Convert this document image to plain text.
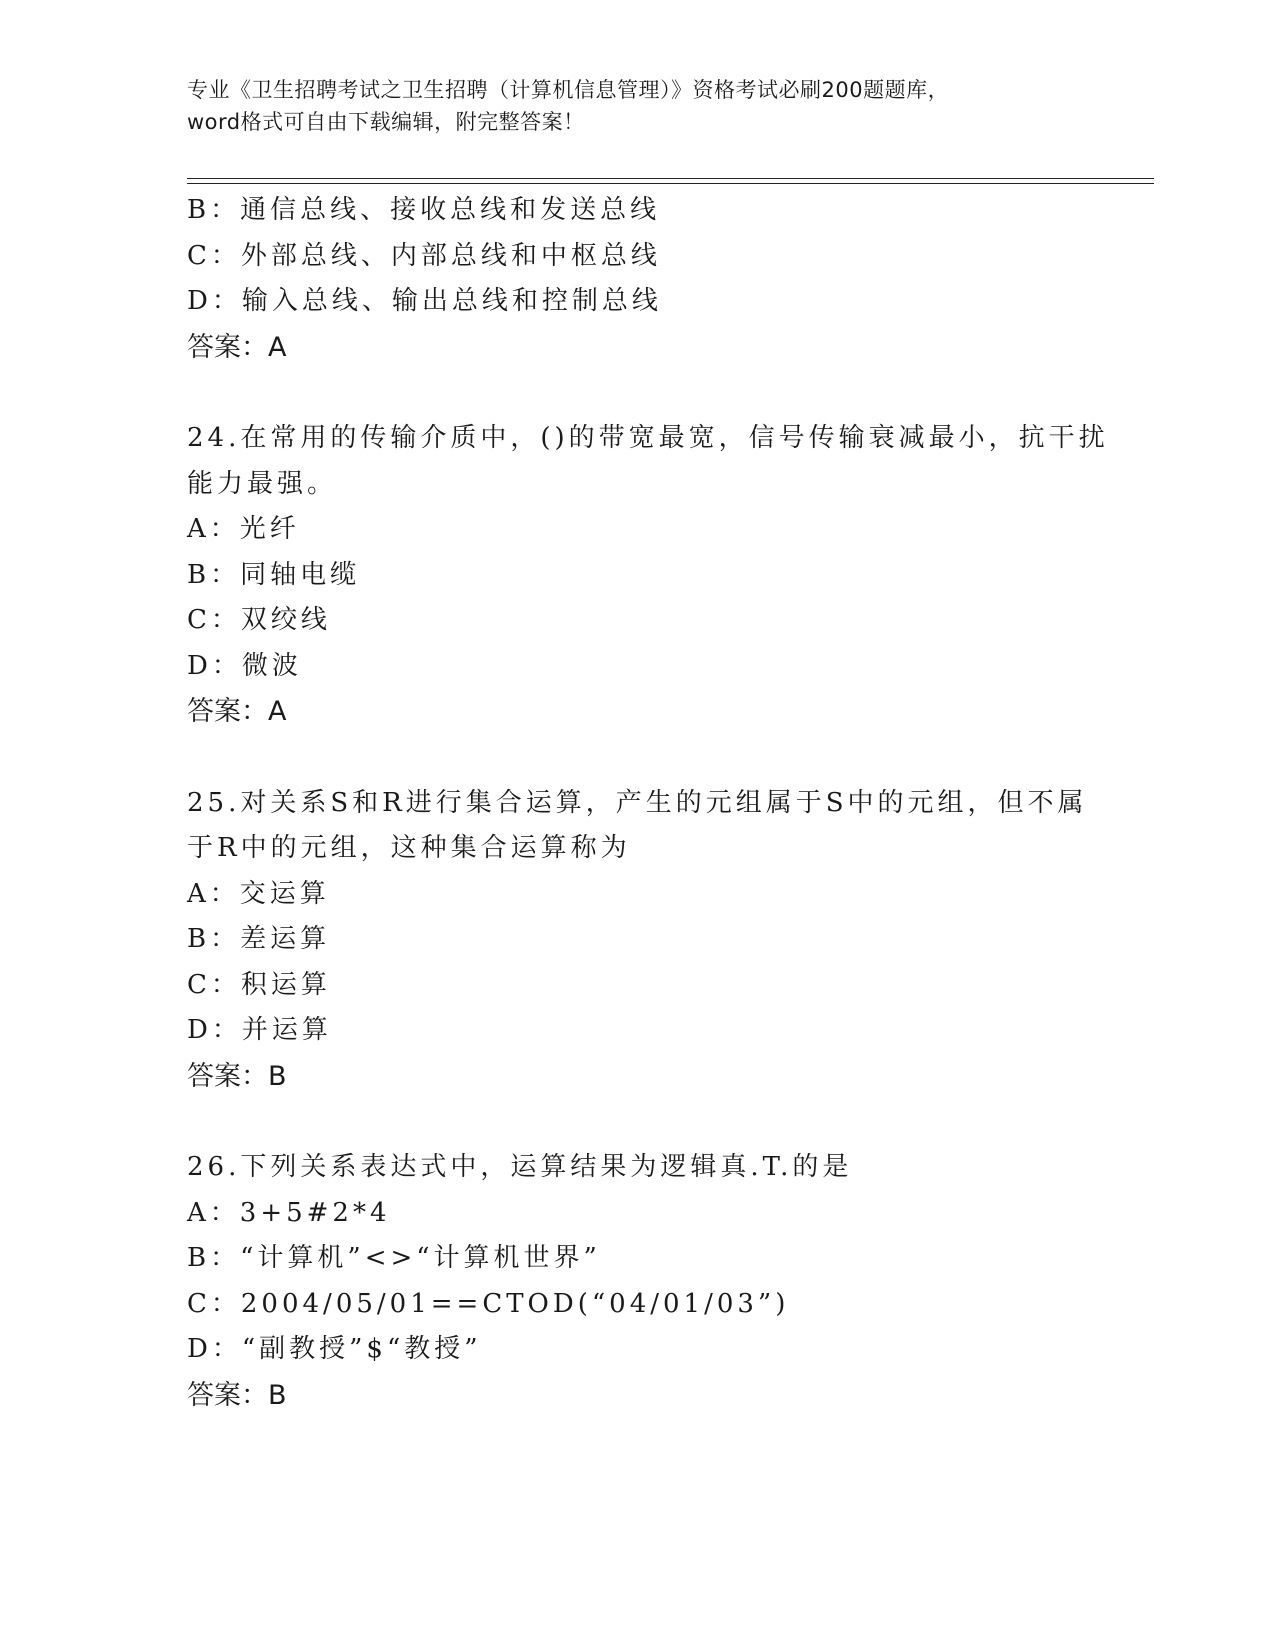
专业《卫生招聘考试之卫生招聘（计算机信息管理）》资格考试必刷200题题库，
word格式可自由下载编辑，附完整答案！
B：通信总线、接收总线和发送总线
C：外部总线、内部总线和中枢总线
D：输入总线、输出总线和控制总线
答案：A
24.在常用的传输介质中，()的带宽最宽，信号传输衰减最小，抗干扰
能力最强。
A：光纤
B：同轴电缆
C：双绞线
D：微波
答案：A
25.对关系S和R进行集合运算，产生的元组属于S中的元组，但不属
于R中的元组，这种集合运算称为
A：交运算
B：差运算
C：积运算
D：并运算
答案：B
26.下列关系表达式中，运算结果为逻辑真.T.的是
A：3+5#2*4
B：“计算机”<>“计算机世界”
C：2004/05/01==CTOD(“04/01/03”)
D：“副教授”$“教授”
答案：B
